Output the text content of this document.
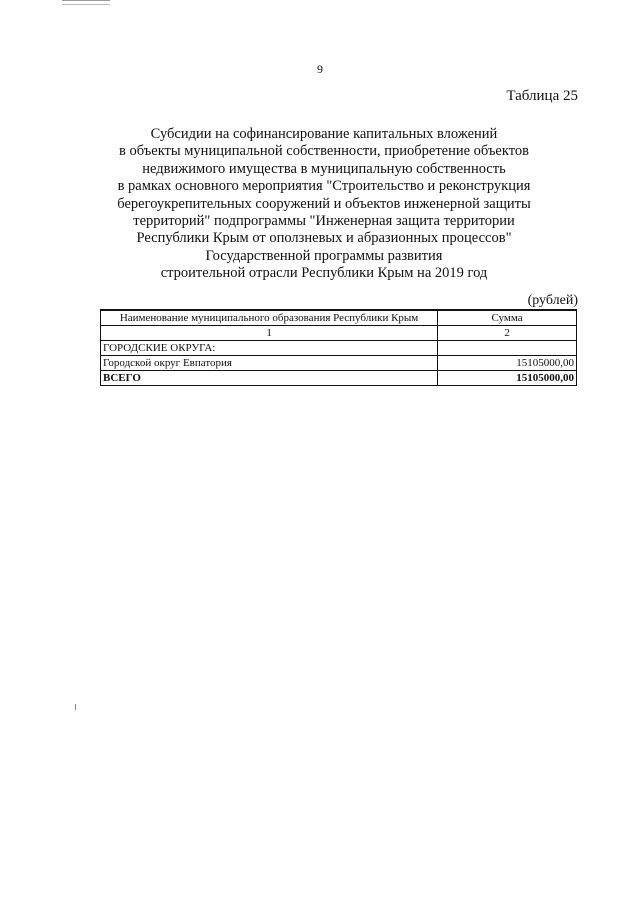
9
Таблица 25
Субсидии на софинансирование капитальных вложений
в объекты муниципальной собственности, приобретение объектов
недвижимого имущества в муниципальную собственность
в рамках основного мероприятия "Строительство и реконструкция
берегоукрепительных сооружений и объектов инженерной защиты
территорий" подпрограммы "Инженерная защита территории
Республики Крым от оползневых и абразионных процессов"
Государственной программы развития
строительной отрасли Республики Крым на 2019 год
(рублей)
Наименование муниципального образования Республики Крым	Сумма
1	2
ГОРОДСКИЕ ОКРУГА:	
Городской округ Евпатория	15105000,00
ВСЕГО	15105000,00
